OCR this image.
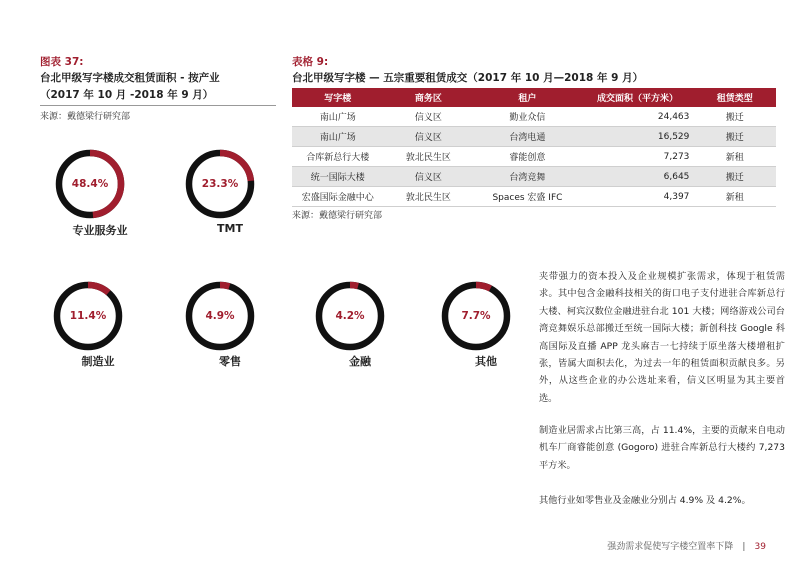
图表 37:
台北甲级写字楼成交租赁面积 - 按产业
（2017 年 10 月 -2018 年 9 月）
来源：戴德梁行研究部
48.4%
专业服务业
23.3%
TMT
11.4%
制造业
4.9%
零售
4.2%
金融
7.7%
其他
表格 9:
台北甲级写字楼 — 五宗重要租赁成交（2017 年 10 月—2018 年 9 月）
写字楼	商务区	租户	成交面积（平方米）	租赁类型
南山广场	信义区	勤业众信	24,463	搬迁
南山广场	信义区	台湾电通	16,529	搬迁
合库新总行大楼	敦北民生区	睿能创意	7,273	新租
统一国际大楼	信义区	台湾竞舞	6,645	搬迁
宏盛国际金融中心	敦北民生区	Spaces 宏盛 IFC	4,397	新租
来源：戴德梁行研究部
夹带强力的资本投入及企业规模扩张需求，体现于租赁需求。其中包含金融科技相关的街口电子支付进驻合库新总行大楼、柯宾汉数位金融进驻台北 101 大楼；网络游戏公司台湾竞舞娱乐总部搬迁至统一国际大楼；新创科技 Google 科高国际及直播 APP 龙头麻吉一七持续于原坐落大楼增租扩张，皆属大面积去化，为过去一年的租赁面积贡献良多。另外，从这些企业的办公选址来看，信义区明显为其主要首选。
制造业居需求占比第三高，占 11.4%，主要的贡献来自电动机车厂商睿能创意 (Gogoro) 进驻合库新总行大楼约 7,273 平方米。
其他行业如零售业及金融业分别占 4.9% 及 4.2%。
强劲需求促使写字楼空置率下降 | 39
